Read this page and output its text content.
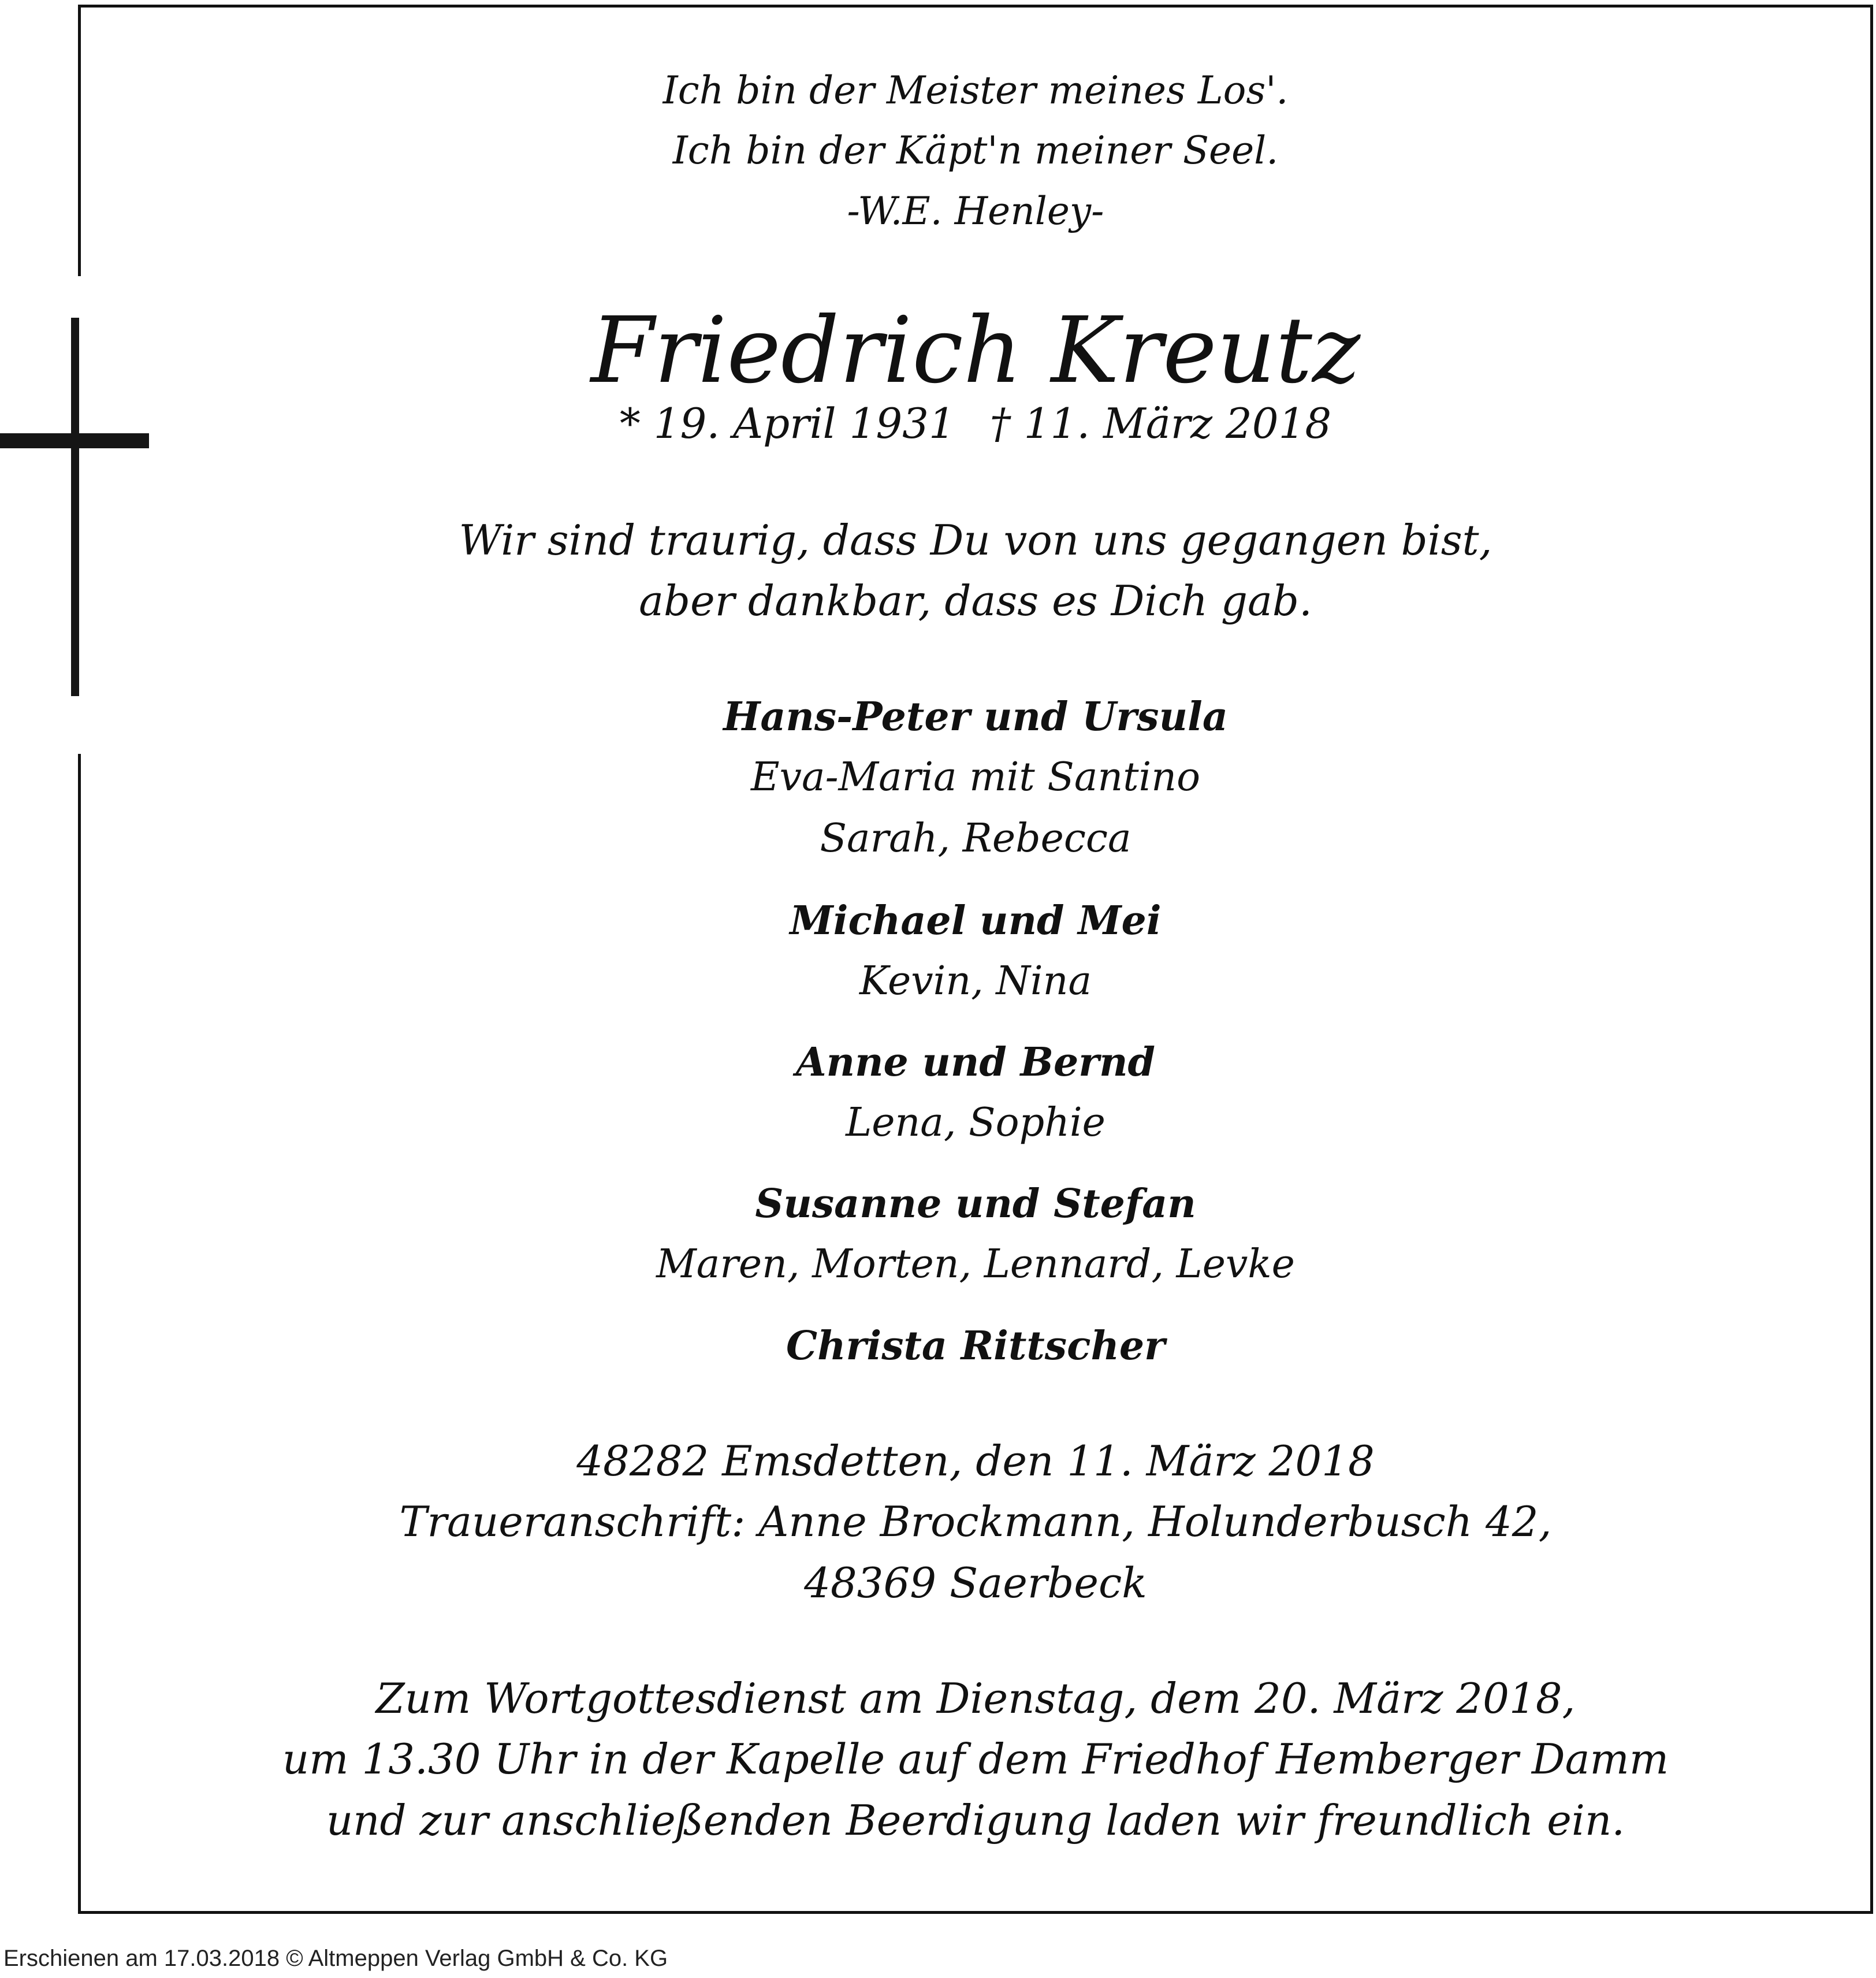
Ich bin der Meister meines Los'.
Ich bin der Käpt'n meiner Seel.
-W.E. Henley-
Friedrich Kreutz
* 19. April 1931 † 11. März 2018
Wir sind traurig, dass Du von uns gegangen bist,
aber dankbar, dass es Dich gab.
Hans-Peter und Ursula
Eva-Maria mit Santino
Sarah, Rebecca
Michael und Mei
Kevin, Nina
Anne und Bernd
Lena, Sophie
Susanne und Stefan
Maren, Morten, Lennard, Levke
Christa Rittscher
48282 Emsdetten, den 11. März 2018
Traueranschrift: Anne Brockmann, Holunderbusch 42,
48369 Saerbeck
Zum Wortgottesdienst am Dienstag, dem 20. März 2018,
um 13.30 Uhr in der Kapelle auf dem Friedhof Hemberger Damm
und zur anschließenden Beerdigung laden wir freundlich ein.
Erschienen am 17.03.2018 © Altmeppen Verlag GmbH & Co. KG
